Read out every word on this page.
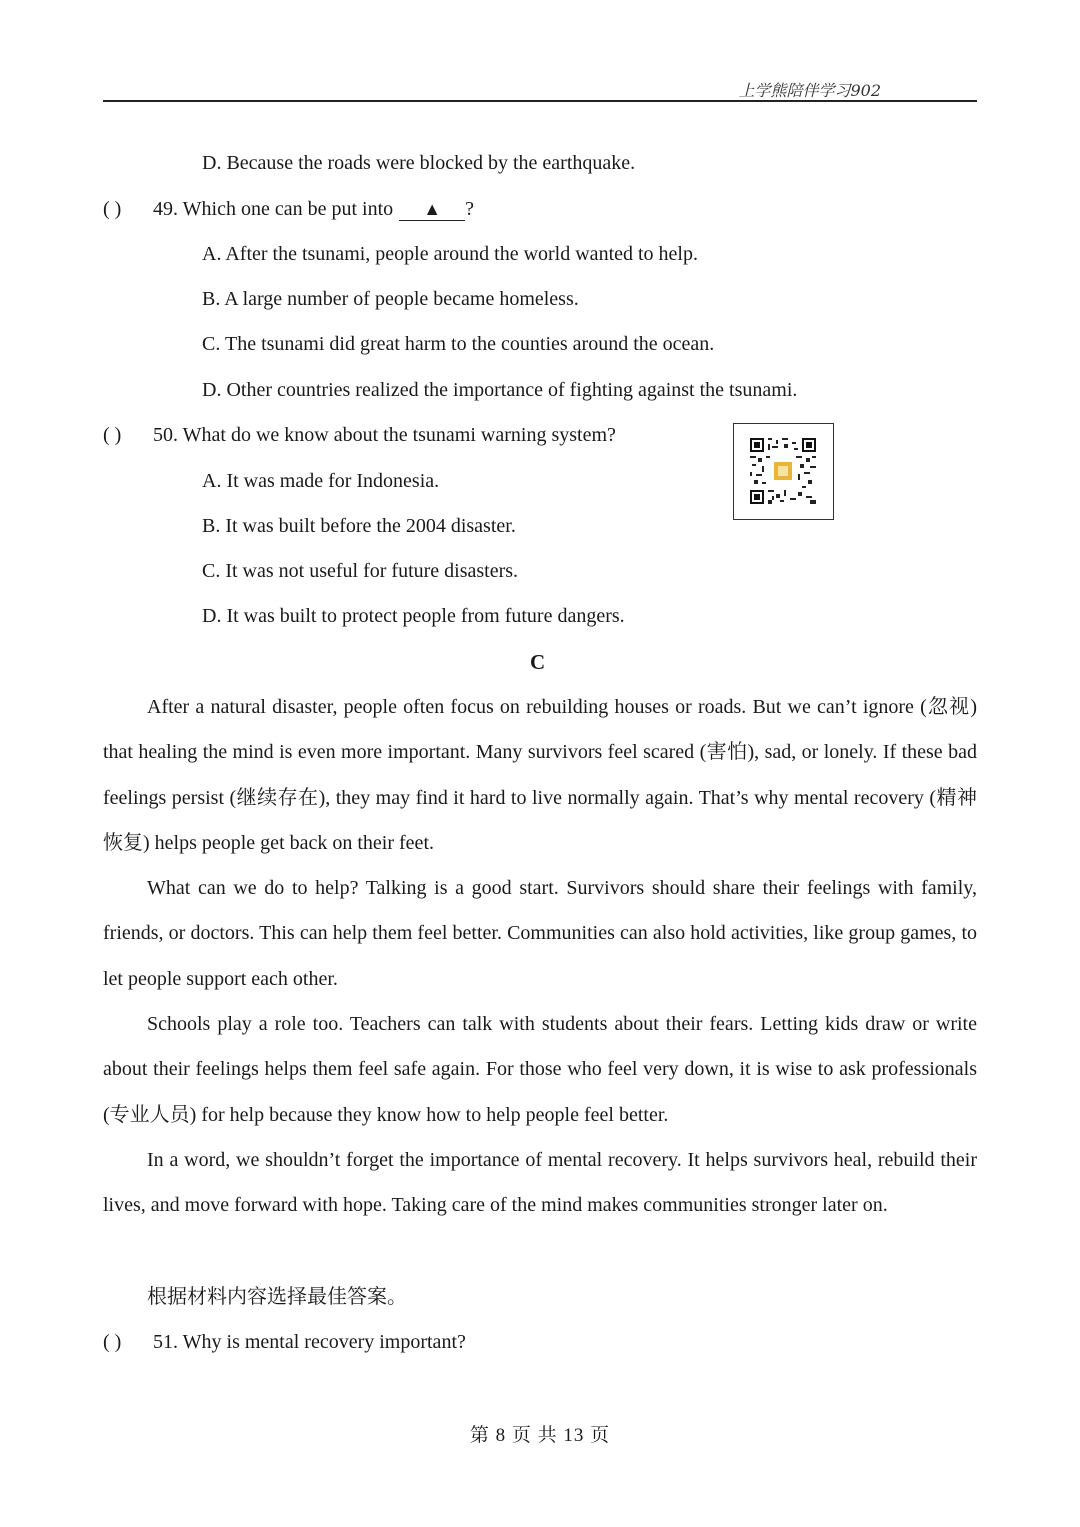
上学熊陪伴学习902
D. Because the roads were blocked by the earthquake.
( ) 49. Which one can be put into ▲ ?
A. After the tsunami, people around the world wanted to help.
B. A large number of people became homeless.
C. The tsunami did great harm to the counties around the ocean.
D. Other countries realized the importance of fighting against the tsunami.
( ) 50. What do we know about the tsunami warning system?
A. It was made for Indonesia.
B. It was built before the 2004 disaster.
C. It was not useful for future disasters.
D. It was built to protect people from future dangers.
C

After a natural disaster, people often focus on rebuilding houses or roads. But we can’t ignore (忽视) that healing the mind is even more important. Many survivors feel scared (害怕), sad, or lonely. If these bad feelings persist (继续存在), they may find it hard to live normally again. That’s why mental recovery (精神恢复) helps people get back on their feet.

What can we do to help? Talking is a good start. Survivors should share their feelings with family, friends, or doctors. This can help them feel better. Communities can also hold activities, like group games, to let people support each other.

Schools play a role too. Teachers can talk with students about their fears. Letting kids draw or write about their feelings helps them feel safe again. For those who feel very down, it is wise to ask professionals (专业人员) for help because they know how to help people feel better.

In a word, we shouldn’t forget the importance of mental recovery. It helps survivors heal, rebuild their lives, and move forward with hope. Taking care of the mind makes communities stronger later on.

根据材料内容选择最佳答案。
( ) 51. Why is mental recovery important?
第 8 页 共 13 页
